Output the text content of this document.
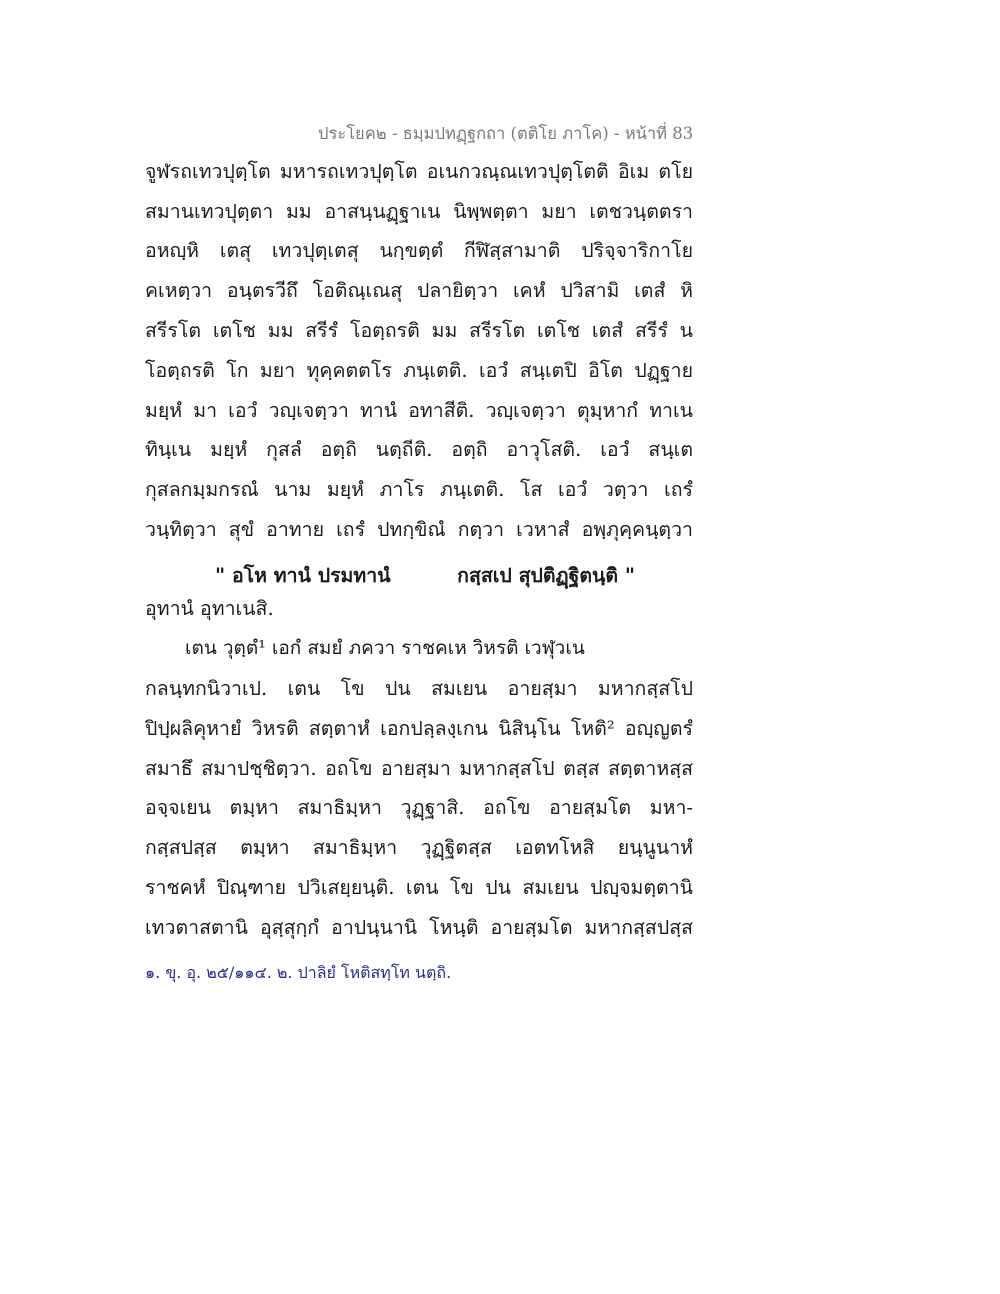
ประโยค๒ - ธมฺมปทฏฺฐกถา (ตติโย ภาโค) - หน้าที่ 83
จูฬรถเทวปุตฺโต มหารถเทวปุตฺโต อเนกวณฺณเทวปุตฺโตติ อิเม ตโย
สมานเทวปุตฺตา มม อาสนฺนฏฺฐาเน นิพฺพตฺตา มยา เตชวนฺตตรา
อหญฺหิ เตสุ เทวปุตฺเตสุ นกฺขตฺตํ กีฬิสฺสามาติ ปริจฺจาริกาโย
คเหตฺวา อนฺตรวีถึ โอติณฺเณสุ ปลายิตฺวา เคหํ ปวิสามิ เตสํ หิ
สรีรโต เตโช มม สรีรํ โอตฺถรติ มม สรีรโต เตโช เตสํ สรีรํ น
โอตฺถรติ โก มยา ทุคฺคตตโร ภนฺเตติ. เอวํ สนฺเตปิ อิโต ปฏฺฐาย
มยฺหํ มา เอวํ วญฺเจตฺวา ทานํ อทาสีติ. วญฺเจตฺวา ตุมฺหากํ ทาเน
ทินฺเน มยฺหํ กุสลํ อตฺถิ นตฺถีติ. อตฺถิ อาวุโสติ. เอวํ สนฺเต
กุสลกมฺมกรณํ นาม มยฺหํ ภาโร ภนฺเตติ. โส เอวํ วตฺวา เถรํ
วนฺทิตฺวา สุขํ อาทาย เถรํ ปทกฺขิณํ กตฺวา เวหาสํ อพฺภุคฺคนฺตฺวา
" อโห ทานํ ปรมทานํ	กสฺสเป สุปติฏฺฐิตนฺติ "
อุทานํ อุทาเนสิ.
เตน วุตฺตํ¹ เอกํ สมยํ ภควา ราชคเห วิหรติ เวฬุวเน
กลนฺทกนิวาเป. เตน โข ปน สมเยน อายสฺมา มหากสฺสโป
ปิปฺผลิคุหายํ วิหรติ สตฺตาหํ เอกปลฺลงฺเกน นิสินฺโน โหติ² อญฺญตรํ
สมาธึ สมาปชฺชิตฺวา. อถโข อายสฺมา มหากสฺสโป ตสฺส สตฺตาหสฺส
อจฺจเยน ตมฺหา สมาธิมฺหา วุฏฺฐาสิ. อถโข อายสฺมโต มหา-
กสฺสปสฺส ตมฺหา สมาธิมฺหา วุฏฺฐิตสฺส เอตทโหสิ ยนฺนูนาหํ
ราชคหํ ปิณฺฑาย ปวิเสยฺยนฺติ. เตน โข ปน สมเยน ปญฺจมตฺตานิ
เทวตาสตานิ อุสฺสุกฺกํ อาปนฺนานิ โหนฺติ อายสฺมโต มหากสฺสปสฺส
๑. ขุ. อุ. ๒๕/๑๑๔. ๒. ปาลิยํ โหติสทฺโท นตฺถิ.
